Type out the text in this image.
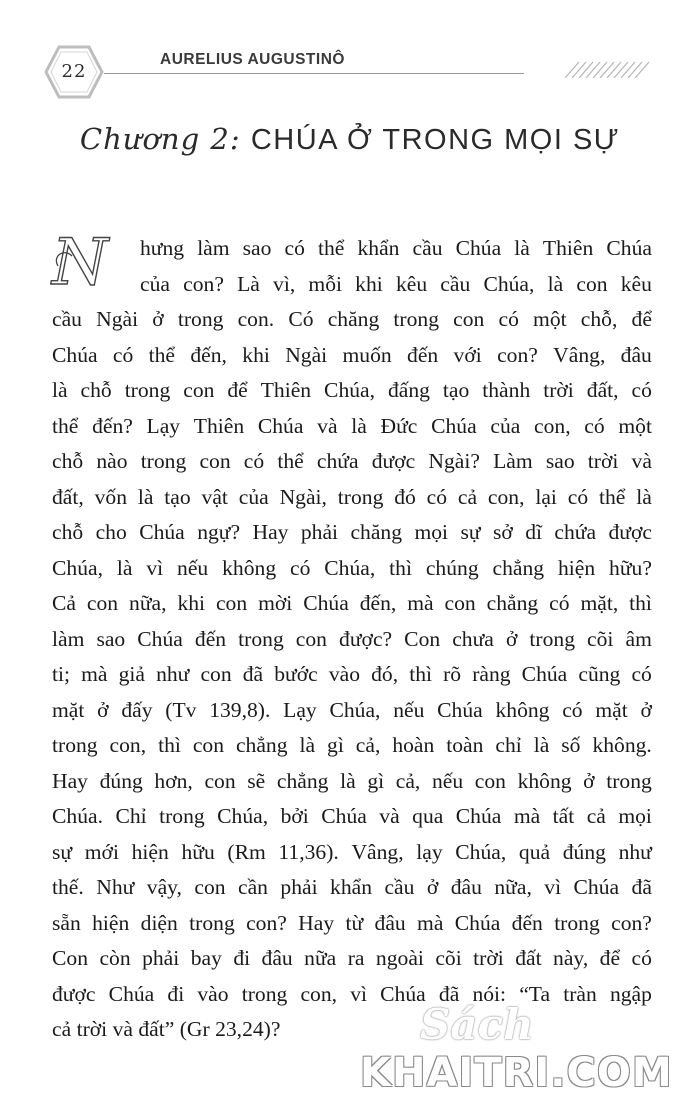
22
AURELIUS AUGUSTINÔ
Chương 2: CHÚA Ở TRONG MỌI SỰ
N hưng làm sao có thể khẩn cầu Chúa là Thiên Chúa
của con? Là vì, mỗi khi kêu cầu Chúa, là con kêu
cầu Ngài ở trong con. Có chăng trong con có một chỗ, để
Chúa có thể đến, khi Ngài muốn đến với con? Vâng, đâu
là chỗ trong con để Thiên Chúa, đấng tạo thành trời đất, có
thể đến? Lạy Thiên Chúa và là Đức Chúa của con, có một
chỗ nào trong con có thể chứa được Ngài? Làm sao trời và
đất, vốn là tạo vật của Ngài, trong đó có cả con, lại có thể là
chỗ cho Chúa ngự? Hay phải chăng mọi sự sở dĩ chứa được
Chúa, là vì nếu không có Chúa, thì chúng chẳng hiện hữu?
Cả con nữa, khi con mời Chúa đến, mà con chẳng có mặt, thì
làm sao Chúa đến trong con được? Con chưa ở trong cõi âm
ti; mà giả như con đã bước vào đó, thì rõ ràng Chúa cũng có
mặt ở đấy (Tv 139,8). Lạy Chúa, nếu Chúa không có mặt ở
trong con, thì con chẳng là gì cả, hoàn toàn chỉ là số không.
Hay đúng hơn, con sẽ chẳng là gì cả, nếu con không ở trong
Chúa. Chỉ trong Chúa, bởi Chúa và qua Chúa mà tất cả mọi
sự mới hiện hữu (Rm 11,36). Vâng, lạy Chúa, quả đúng như
thế. Như vậy, con cần phải khẩn cầu ở đâu nữa, vì Chúa đã
sẵn hiện diện trong con? Hay từ đâu mà Chúa đến trong con?
Con còn phải bay đi đâu nữa ra ngoài cõi trời đất này, để có
được Chúa đi vào trong con, vì Chúa đã nói: “Ta tràn ngập
cả trời và đất” (Gr 23,24)?	Sách
KHAITRI.COM
